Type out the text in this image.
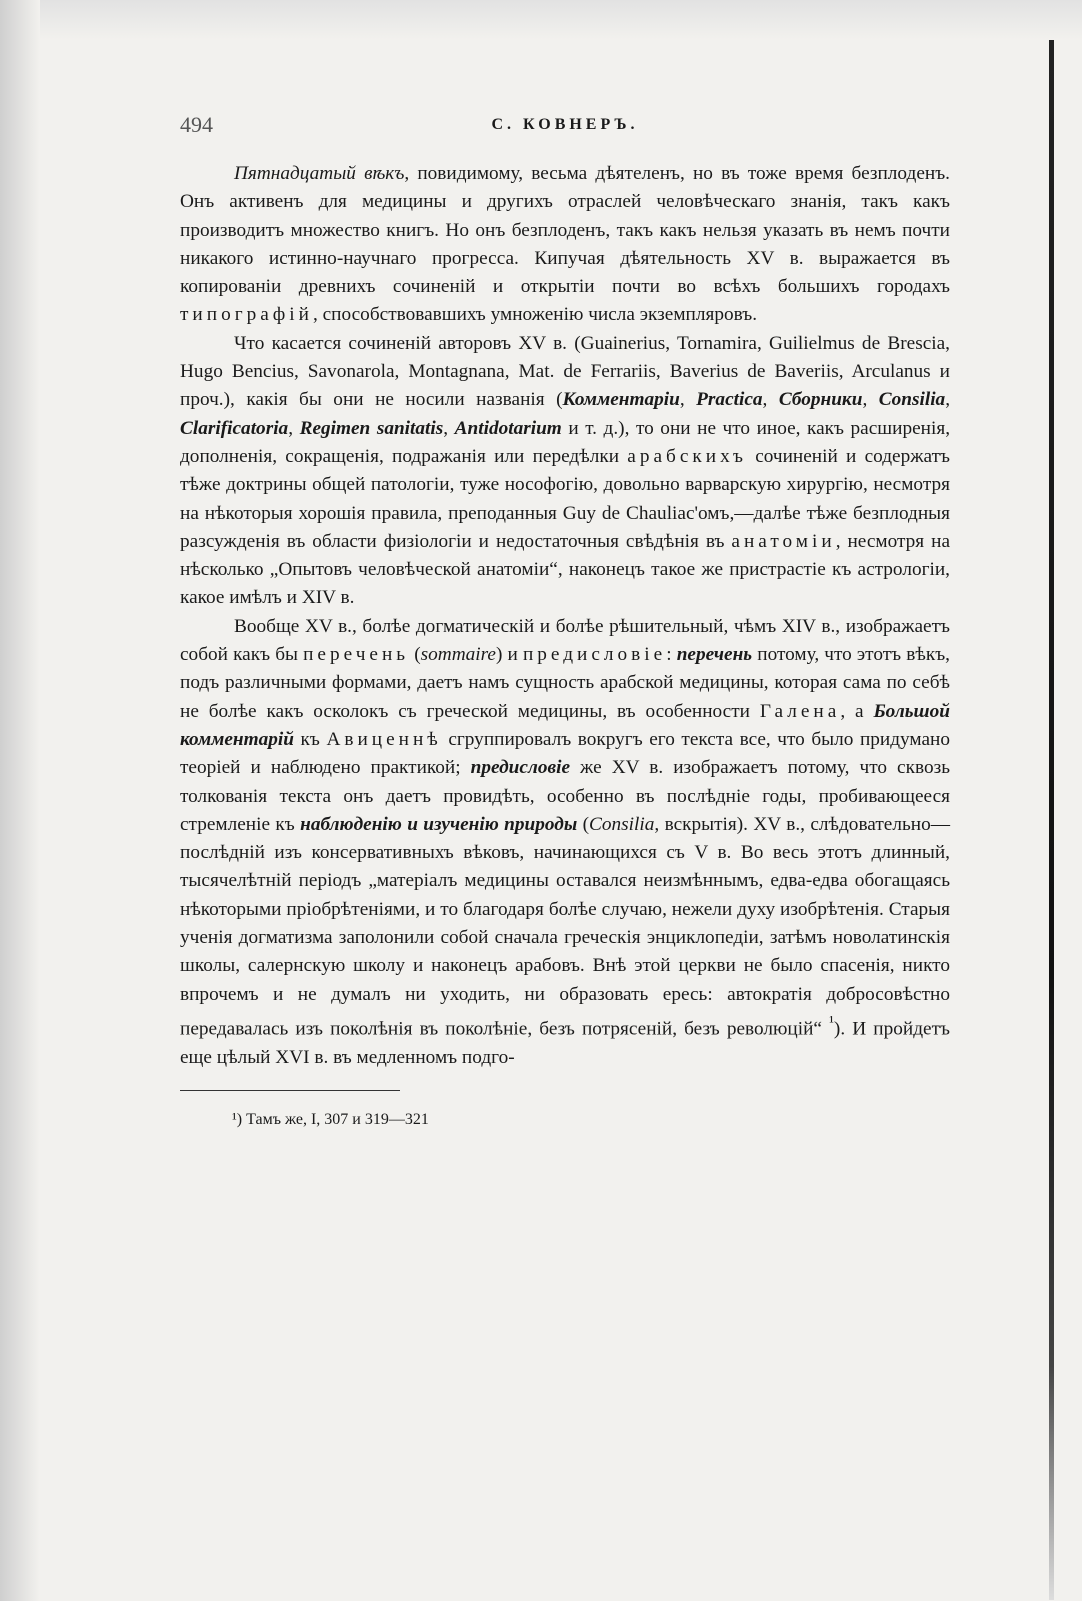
494	С. КОВНЕРЪ.

Пятнадцатый вѣкъ, повидимому, весьма дѣятеленъ, но въ тоже время безплоденъ. Онъ активенъ для медицины и другихъ отраслей человѣческаго знанія, такъ какъ производитъ множество книгъ. Но онъ безплоденъ, такъ какъ нельзя указать въ немъ почти никакого истинно-научнаго прогресса. Кипучая дѣятельность XV в. выражается въ копированіи древнихъ сочиненій и открытіи почти во всѣхъ большихъ городахъ типографій, способствовавшихъ умноженію числа экземпляровъ.

Что касается сочиненій авторовъ XV в. (Guainerius, Tornamira, Guilielmus de Brescia, Hugo Bencius, Savonarola, Montagnana, Mat. de Ferrariis, Baverius de Baveriis, Arculanus и проч.), какія бы они не носили названія (Комментаріи, Practica, Сборники, Consilia, Clarificatoria, Regimen sanitatis, Antidotarium и т. д.), то они не что иное, какъ расширенія, дополненія, сокращенія, подражанія или передѣлки арабскихъ сочиненій и содержатъ тѣже доктрины общей патологіи, туже нософогію, довольно варварскую хирургію, несмотря на нѣкоторыя хорошія правила, преподанныя Guy de Chauliac'омъ,—далѣе тѣже безплодныя разсужденія въ области физіологіи и недостаточныя свѣдѣнія въ анатоміи, несмотря на нѣсколько „Опытовъ человѣческой анатоміи“, наконецъ такое же пристрастіе къ астрологіи, какое имѣлъ и XIV в.

Вообще XV в., болѣе догматическій и болѣе рѣшительный, чѣмъ XIV в., изображаетъ собой какъ бы перечень (sommaire) и предисловіе: перечень потому, что этотъ вѣкъ, подъ различными формами, даетъ намъ сущность арабской медицины, которая сама по себѣ не болѣе какъ осколокъ съ греческой медицины, въ особенности Галена, а Большой комментарій къ Авиценнѣ сгруппировалъ вокругъ его текста все, что было придумано теоріей и наблюдено практикой; предисловіе же XV в. изображаетъ потому, что сквозь толкованія текста онъ даетъ провидѣть, особенно въ послѣдніе годы, пробивающееся стремленіе къ наблюденію и изученію природы (Consilia, вскрытія). XV в., слѣдовательно—послѣдній изъ консервативныхъ вѣковъ, начинающихся съ V в. Во весь этотъ длинный, тысячелѣтній періодъ „матеріалъ медицины оставался неизмѣннымъ, едва-едва обогащаясь нѣкоторыми пріобрѣтеніями, и то благодаря болѣе случаю, нежели духу изобрѣтенія. Старыя ученія догматизма заполонили собой сначала греческія энциклопедіи, затѣмъ новолатинскія школы, салернскую школу и наконецъ арабовъ. Внѣ этой церкви не было спасенія, никто впрочемъ и не думалъ ни уходить, ни образовать ересь: автократія добросовѣстно передавалась изъ поколѣнія въ поколѣніе, безъ потрясеній, безъ революцій“ $^{^1}$). И пройдетъ еще цѣлый XVI в. въ медленномъ подго-

¹) Тамъ же, I, 307 и 319—321
